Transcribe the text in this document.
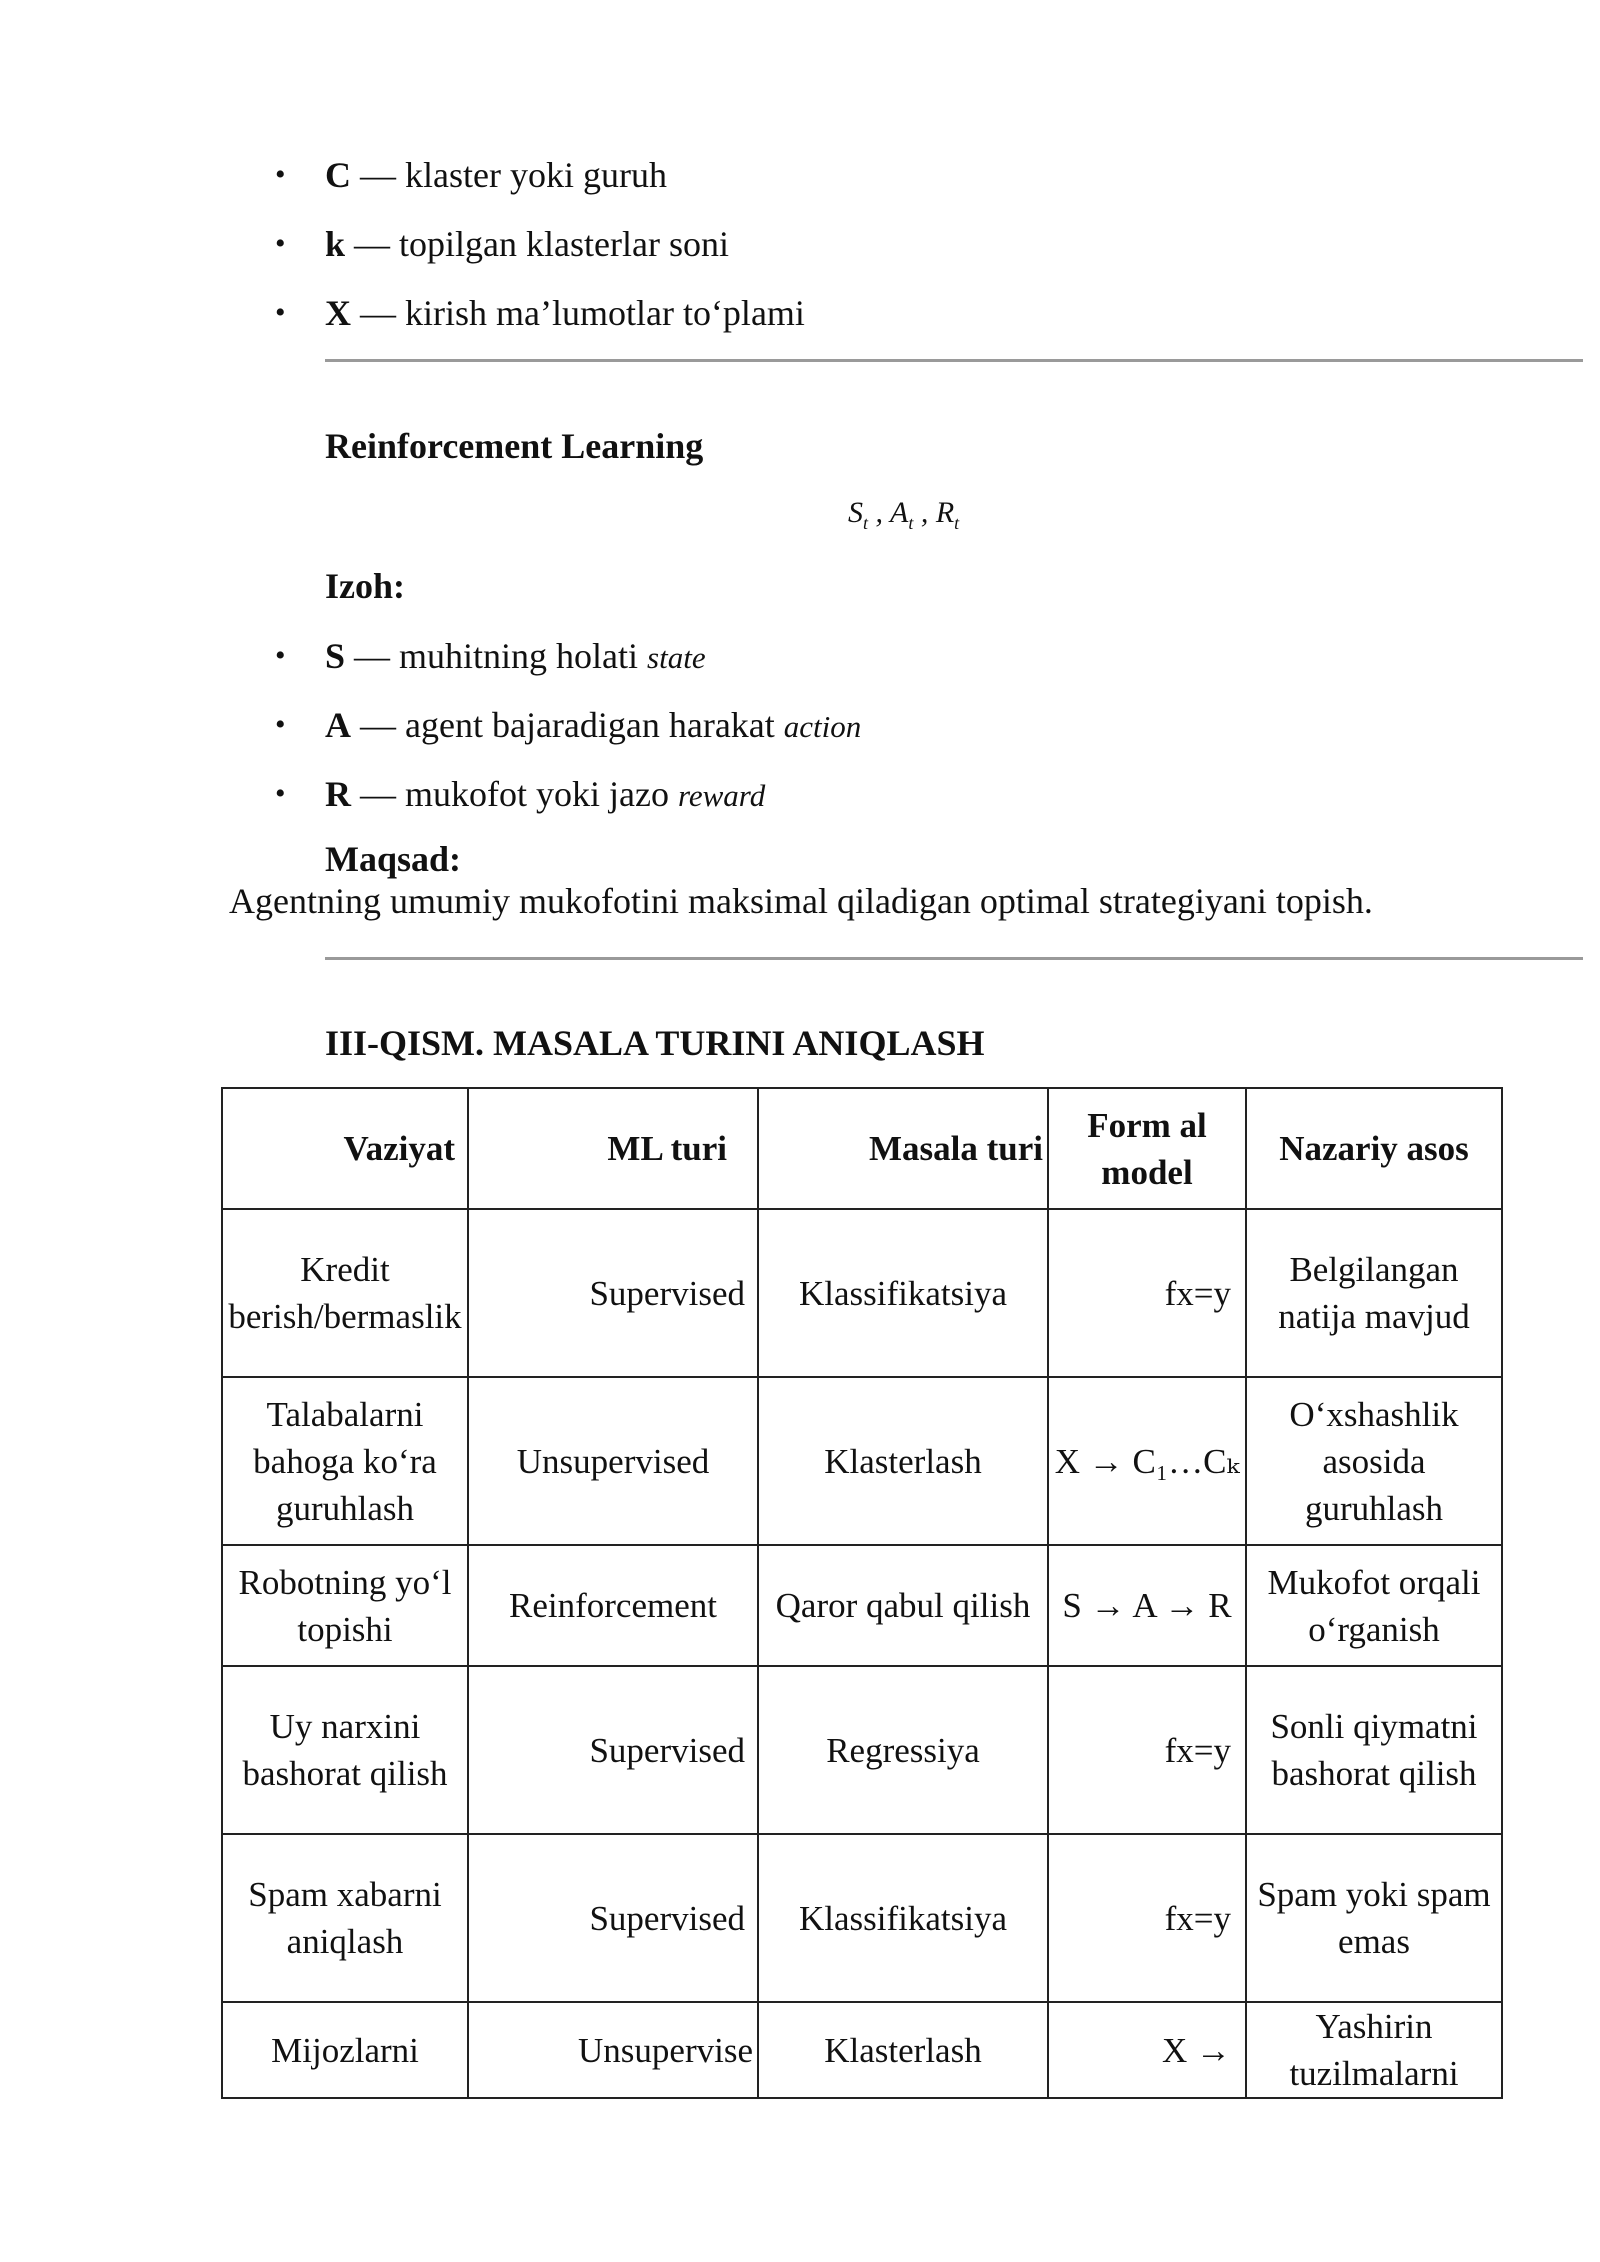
• C — klaster yoki guruh
• k — topilgan klasterlar soni
• X — kirish ma’lumotlar to‘plami
Reinforcement Learning
$S_t$ , $A_t$ , $R_t$
Izoh:
• S — muhitning holati state
• A — agent bajaradigan harakat action
• R — mukofot yoki jazo reward
Maqsad:
Agentning umumiy mukofotini maksimal qiladigan optimal strategiyani topish.
III-QISM. MASALA TURINI ANIQLASH
Vaziyat	ML turi	Masala turi	Form al model	Nazariy asos
Kredit berish/bermaslik	Supervised	Klassifikatsiya	fx=y	Belgilangan natija mavjud
Talabalarni bahoga ko‘ra guruhlash	Unsupervised	Klasterlash	X → C₁…Cₖ	O‘xshashlik asosida guruhlash
Robotning yo‘l topishi	Reinforcement	Qaror qabul qilish	S → A → R	Mukofot orqali o‘rganish
Uy narxini bashorat qilish	Supervised	Regressiya	fx=y	Sonli qiymatni bashorat qilish
Spam xabarni aniqlash	Supervised	Klassifikatsiya	fx=y	Spam yoki spam emas
Mijozlarni	Unsupervise	Klasterlash	X →	Yashirin tuzilmalarni
